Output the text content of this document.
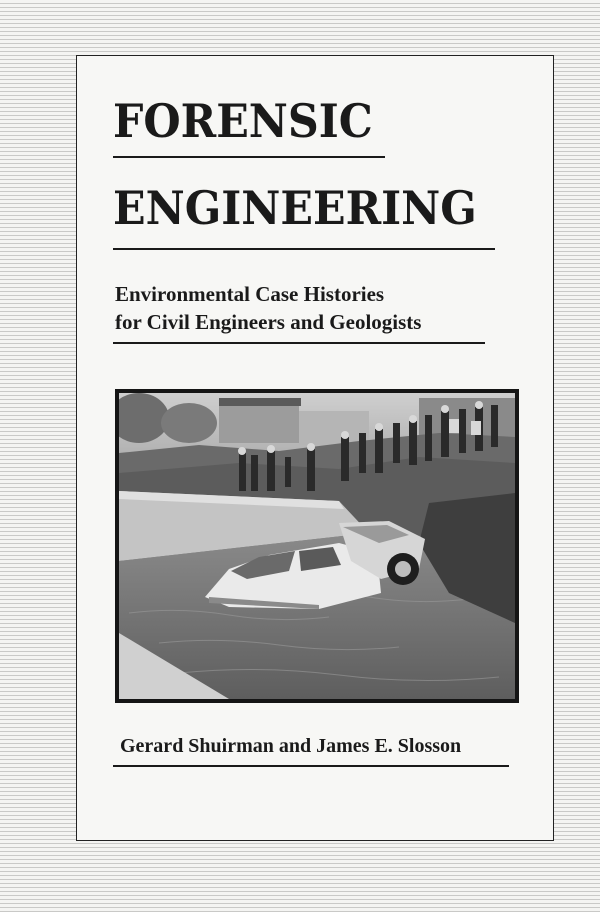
FORENSIC
ENGINEERING

Environmental Case Histories

for Civil Engineers and Geologists

Gerard Shuirman and James E. Slosson
